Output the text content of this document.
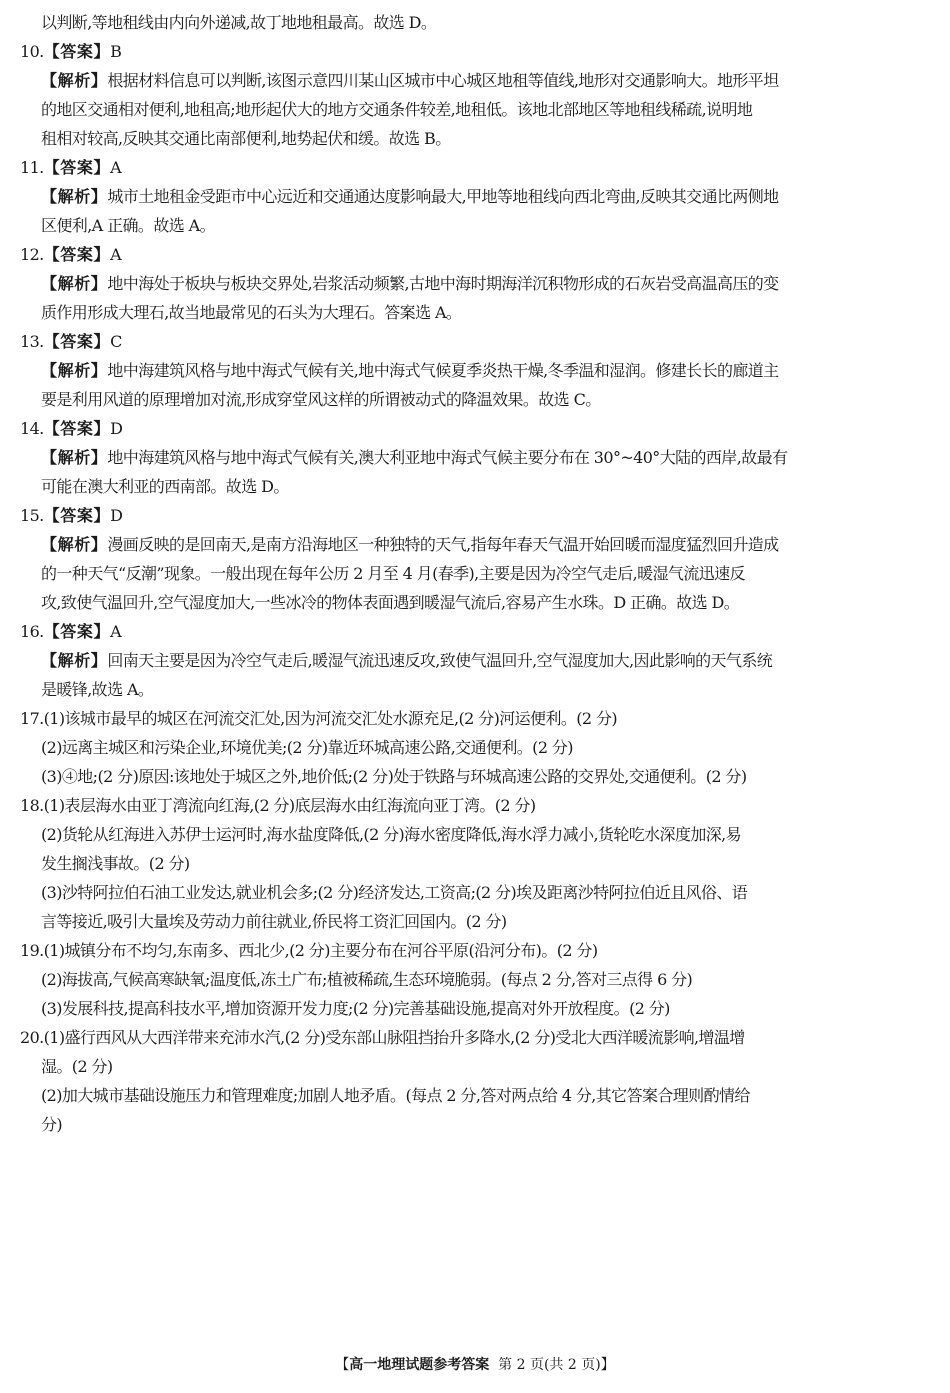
以判断,等地租线由内向外递减,故丁地地租最高。故选 D。
10.【答案】B
【解析】根据材料信息可以判断,该图示意四川某山区城市中心城区地租等值线,地形对交通影响大。地形平坦
的地区交通相对便利,地租高;地形起伏大的地方交通条件较差,地租低。该地北部地区等地租线稀疏,说明地
租相对较高,反映其交通比南部便利,地势起伏和缓。故选 B。
11.【答案】A
【解析】城市土地租金受距市中心远近和交通通达度影响最大,甲地等地租线向西北弯曲,反映其交通比两侧地
区便利,A 正确。故选 A。
12.【答案】A
【解析】地中海处于板块与板块交界处,岩浆活动频繁,古地中海时期海洋沉积物形成的石灰岩受高温高压的变
质作用形成大理石,故当地最常见的石头为大理石。答案选 A。
13.【答案】C
【解析】地中海建筑风格与地中海式气候有关,地中海式气候夏季炎热干燥,冬季温和湿润。修建长长的廊道主
要是利用风道的原理增加对流,形成穿堂风这样的所谓被动式的降温效果。故选 C。
14.【答案】D
【解析】地中海建筑风格与地中海式气候有关,澳大利亚地中海式气候主要分布在 30°~40°大陆的西岸,故最有
可能在澳大利亚的西南部。故选 D。
15.【答案】D
【解析】漫画反映的是回南天,是南方沿海地区一种独特的天气,指每年春天气温开始回暖而湿度猛烈回升造成
的一种天气“反潮”现象。一般出现在每年公历 2 月至 4 月(春季),主要是因为冷空气走后,暖湿气流迅速反
攻,致使气温回升,空气湿度加大,一些冰冷的物体表面遇到暖湿气流后,容易产生水珠。D 正确。故选 D。
16.【答案】A
【解析】回南天主要是因为冷空气走后,暖湿气流迅速反攻,致使气温回升,空气湿度加大,因此影响的天气系统
是暖锋,故选 A。
17.(1)该城市最早的城区在河流交汇处,因为河流交汇处水源充足,(2 分)河运便利。(2 分)
(2)远离主城区和污染企业,环境优美;(2 分)靠近环城高速公路,交通便利。(2 分)
(3)④地;(2 分)原因:该地处于城区之外,地价低;(2 分)处于铁路与环城高速公路的交界处,交通便利。(2 分)
18.(1)表层海水由亚丁湾流向红海,(2 分)底层海水由红海流向亚丁湾。(2 分)
(2)货轮从红海进入苏伊士运河时,海水盐度降低,(2 分)海水密度降低,海水浮力减小,货轮吃水深度加深,易
发生搁浅事故。(2 分)
(3)沙特阿拉伯石油工业发达,就业机会多;(2 分)经济发达,工资高;(2 分)埃及距离沙特阿拉伯近且风俗、语
言等接近,吸引大量埃及劳动力前往就业,侨民将工资汇回国内。(2 分)
19.(1)城镇分布不均匀,东南多、西北少,(2 分)主要分布在河谷平原(沿河分布)。(2 分)
(2)海拔高,气候高寒缺氧;温度低,冻土广布;植被稀疏,生态环境脆弱。(每点 2 分,答对三点得 6 分)
(3)发展科技,提高科技水平,增加资源开发力度;(2 分)完善基础设施,提高对外开放程度。(2 分)
20.(1)盛行西风从大西洋带来充沛水汽,(2 分)受东部山脉阻挡抬升多降水,(2 分)受北大西洋暖流影响,增温增
湿。(2 分)
(2)加大城市基础设施压力和管理难度;加剧人地矛盾。(每点 2 分,答对两点给 4 分,其它答案合理则酌情给
分)
【高一地理试题参考答案 第 2 页(共 2 页)】
